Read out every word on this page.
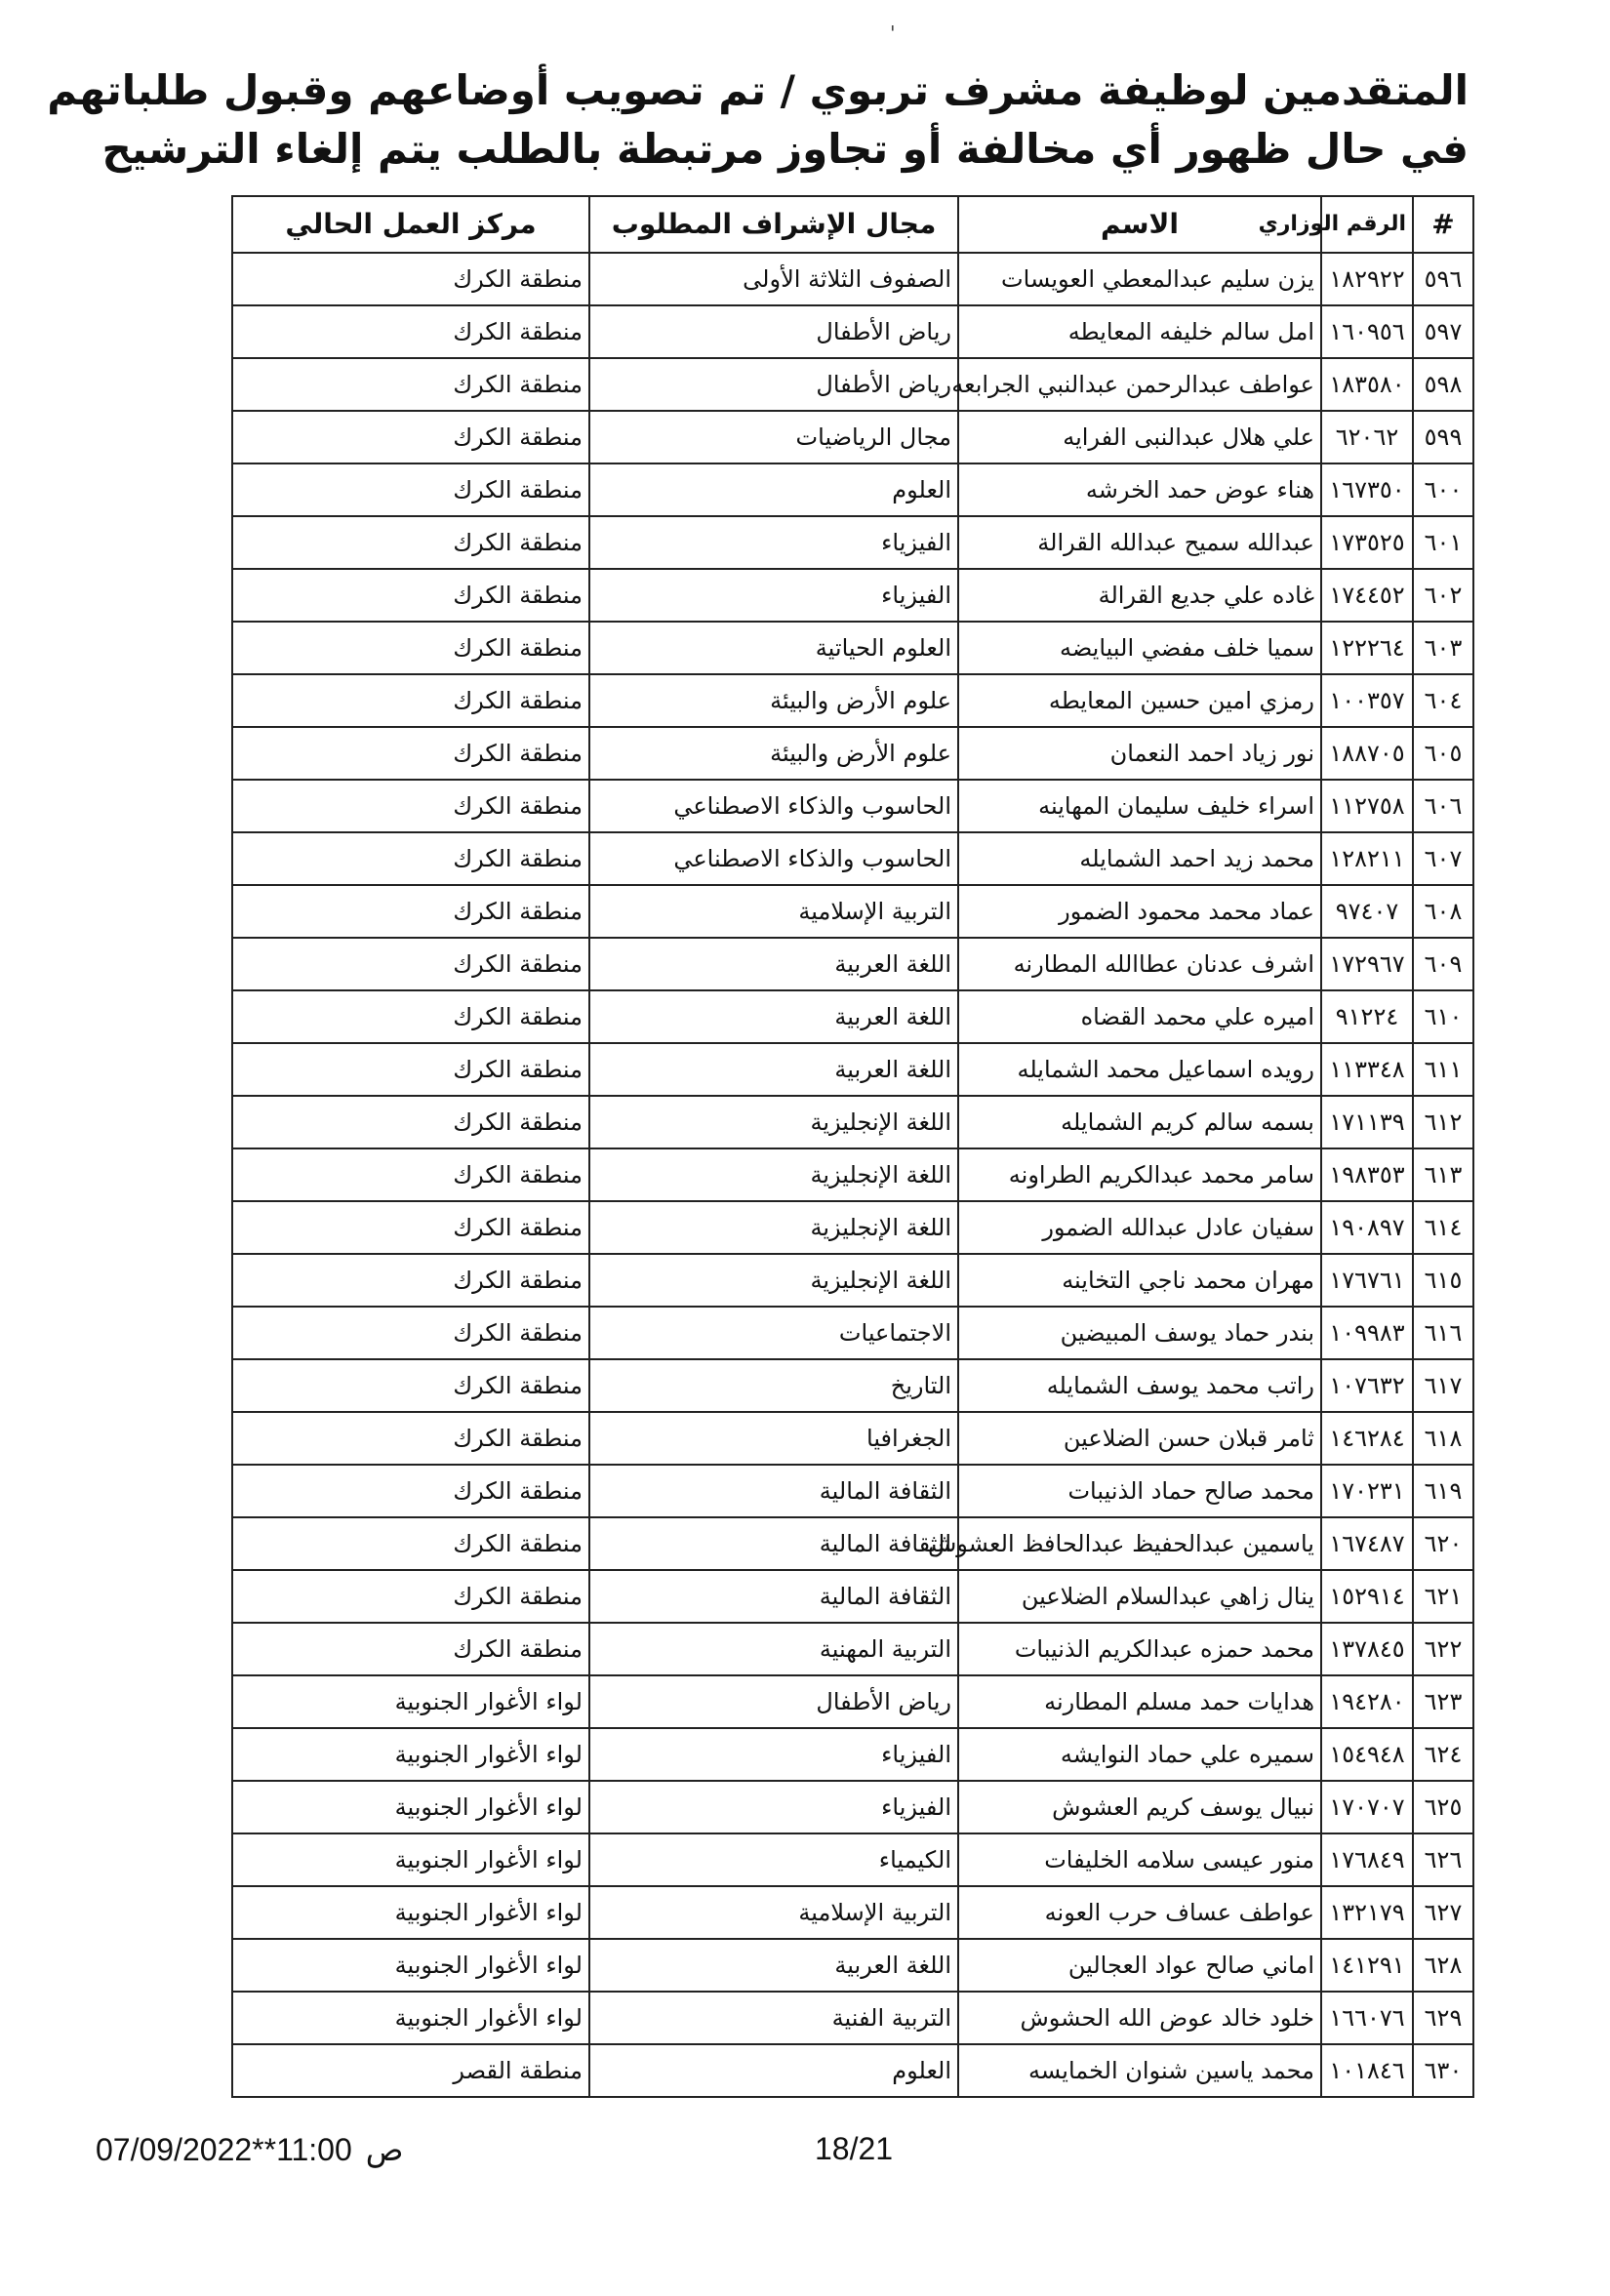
'
المتقدمين لوظيفة مشرف تربوي / تم تصويب أوضاعهم وقبول طلباتهم
في حال ظهور أي مخالفة أو تجاوز مرتبطة بالطلب يتم إلغاء الترشيح
#	الرقم الوزاري	الاسم	مجال الإشراف المطلوب	مركز العمل الحالي
٥٩٦	١٨٢٩٢٢	يزن سليم عبدالمعطي العويسات	الصفوف الثلاثة الأولى	منطقة الكرك
٥٩٧	١٦٠٩٥٦	امل سالم خليفه المعايطه	رياض الأطفال	منطقة الكرك
٥٩٨	١٨٣٥٨٠	عواطف عبدالرحمن عبدالنبي الجرابعه	رياض الأطفال	منطقة الكرك
٥٩٩	٦٢٠٦٢	علي هلال عبدالنبى الفرايه	مجال الرياضيات	منطقة الكرك
٦٠٠	١٦٧٣٥٠	هناء عوض حمد الخرشه	العلوم	منطقة الكرك
٦٠١	١٧٣٥٢٥	عبدالله سميح عبدالله القرالة	الفيزياء	منطقة الكرك
٦٠٢	١٧٤٤٥٢	غاده علي جديع القرالة	الفيزياء	منطقة الكرك
٦٠٣	١٢٢٢٦٤	سميا خلف مفضي البيايضه	العلوم الحياتية	منطقة الكرك
٦٠٤	١٠٠٣٥٧	رمزي امين حسين المعايطه	علوم الأرض والبيئة	منطقة الكرك
٦٠٥	١٨٨٧٠٥	نور زياد احمد النعمان	علوم الأرض والبيئة	منطقة الكرك
٦٠٦	١١٢٧٥٨	اسراء خليف سليمان المهاينه	الحاسوب والذكاء الاصطناعي	منطقة الكرك
٦٠٧	١٢٨٢١١	محمد زيد احمد الشمايله	الحاسوب والذكاء الاصطناعي	منطقة الكرك
٦٠٨	٩٧٤٠٧	عماد محمد محمود الضمور	التربية الإسلامية	منطقة الكرك
٦٠٩	١٧٢٩٦٧	اشرف عدنان عطاالله المطارنه	اللغة العربية	منطقة الكرك
٦١٠	٩١٢٢٤	اميره علي محمد القضاه	اللغة العربية	منطقة الكرك
٦١١	١١٣٣٤٨	رويده اسماعيل محمد الشمايله	اللغة العربية	منطقة الكرك
٦١٢	١٧١١٣٩	بسمه سالم كريم الشمايله	اللغة الإنجليزية	منطقة الكرك
٦١٣	١٩٨٣٥٣	سامر محمد عبدالكريم الطراونه	اللغة الإنجليزية	منطقة الكرك
٦١٤	١٩٠٨٩٧	سفيان عادل عبدالله الضمور	اللغة الإنجليزية	منطقة الكرك
٦١٥	١٧٦٧٦١	مهران محمد ناجي التخاينه	اللغة الإنجليزية	منطقة الكرك
٦١٦	١٠٩٩٨٣	بندر حماد يوسف المبيضين	الاجتماعيات	منطقة الكرك
٦١٧	١٠٧٦٣٢	راتب محمد يوسف الشمايله	التاريخ	منطقة الكرك
٦١٨	١٤٦٢٨٤	ثامر قبلان حسن الضلاعين	الجغرافيا	منطقة الكرك
٦١٩	١٧٠٢٣١	محمد صالح حماد الذنيبات	الثقافة المالية	منطقة الكرك
٦٢٠	١٦٧٤٨٧	ياسمين عبدالحفيظ عبدالحافظ العشوش	الثقافة المالية	منطقة الكرك
٦٢١	١٥٢٩١٤	ينال زاهي عبدالسلام الضلاعين	الثقافة المالية	منطقة الكرك
٦٢٢	١٣٧٨٤٥	محمد حمزه عبدالكريم الذنيبات	التربية المهنية	منطقة الكرك
٦٢٣	١٩٤٢٨٠	هدايات حمد مسلم المطارنه	رياض الأطفال	لواء الأغوار الجنوبية
٦٢٤	١٥٤٩٤٨	سميره علي حماد النوايشه	الفيزياء	لواء الأغوار الجنوبية
٦٢٥	١٧٠٧٠٧	نبيال يوسف كريم العشوش	الفيزياء	لواء الأغوار الجنوبية
٦٢٦	١٧٦٨٤٩	منور عيسى سلامه الخليفات	الكيمياء	لواء الأغوار الجنوبية
٦٢٧	١٣٢١٧٩	عواطف عساف حرب العونه	التربية الإسلامية	لواء الأغوار الجنوبية
٦٢٨	١٤١٢٩١	اماني صالح عواد العجالين	اللغة العربية	لواء الأغوار الجنوبية
٦٢٩	١٦٦٠٧٦	خلود خالد عوض الله الحشوش	التربية الفنية	لواء الأغوار الجنوبية
٦٣٠	١٠١٨٤٦	محمد ياسين شنوان الخمايسه	العلوم	منطقة القصر
07/09/2022**11:00 ص	18/21
